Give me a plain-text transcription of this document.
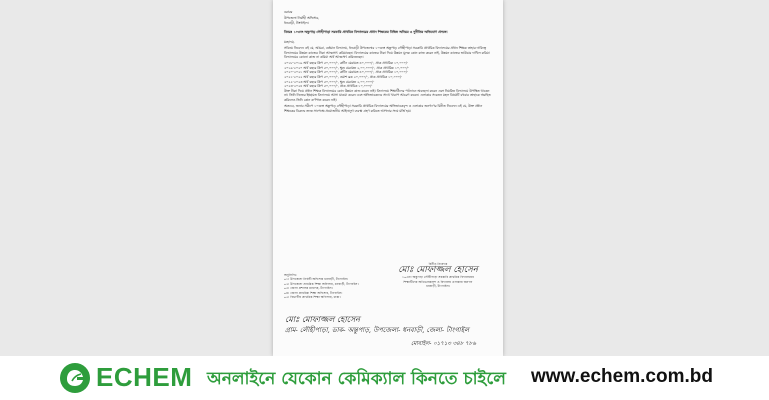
বরাবর

উপজেলা নির্বাহী অফিসার,

ধনবাড়ী, টাংগাইল।

বিষয়ঃ ১০৩নং অন্তুপাড় লৌহীপাড়া সরকারি প্রাথমিক বিদ্যালয়ের প্রধান শিক্ষকের বিভিন্ন অনিয়ম ও দুর্নীতির অভিযোগ প্রসঙ্গে।

মহোদয়,

সবিনয় নিবেদন এই যে, আমরা, বর্তমান বিদ্যালয়, ধনবাড়ী উপজেলার ১০৩নং অন্তুপাড় লৌহীপাড়া সরকারি প্রাথমিক বিদ্যালয়ের প্রধান শিক্ষক তাহার দায়িত্বে বিদ্যালয়ের উন্নয়ন কাজের টাকা আত্মসাৎ করিয়াছেন। বিদ্যালয়ের কাজের টাকা দিয়ে উন্নয়ন মূলক কোন কাজ করেন নাই, উন্নয়ন কাজের ভাউচার দাখিল করিয়া বিদ্যালয়ের কোনো কাজ না করিয়া অর্থ আত্মসাৎ করিতেছেন।

২০১৮-২০১৯ অর্থ বছরে স্লিপ ৫০,০০০/-, রুটিন মেরামত ৪০,০০০/-, প্রাক প্রাথমিক ১০,০০০/-

২০১৯-২০২০ অর্থ বছরে স্লিপ ৫০,০০০/-, ক্ষুদ্র মেরামত ২,০০,০০০/-, প্রাক প্রাথমিক ১০,০০০/-

২০২০-২০২১ অর্থ বছরে স্লিপ ৫০,০০০/-, রুটিন মেরামত ৪০,০০০/-, প্রাক প্রাথমিক ১০,০০০/-

২০২১-২০২২ অর্থ বছরে স্লিপ ৫০,০০০/-, ওয়াশ ব্লক ২০,০০০/-, প্রাক প্রাথমিক ১০,০০০/-

২০২২-২০২৩ অর্থ বছরে স্লিপ ৫০,০০০/-, ক্ষুদ্র মেরামত ২,০০,০০০/-

২০২৩-২০২৪ অর্থ বছরে স্লিপ ৫০,০০০/-, প্রাক প্রাথমিক ১০,০০০/-

উক্ত টাকা দিয়ে প্রধান শিক্ষক বিদ্যালয়ের কোন উন্নয়ন কাজ করেন নাই। বিদ্যালয়ে শিক্ষার্থীদের পাঠদানে অবহেলা করেন এবং নিয়মিত বিদ্যালয়ে উপস্থিত থাকেন না। তিনি নিজের ইচ্ছামত বিদ্যালয়ে আসা যাওয়া করেন এবং অভিভাবকদের সাথে খারাপ আচরণ করেন। এলাকার সচেতন মহল বিষয়টি বহুবার তাহাকে অবহিত করিলেও তিনি কোন কর্ণপাত করেন নাই।

অতএব, জনাব সমীপে ১০৩নং অন্তুপাড় লৌহীপাড়া সরকারি প্রাথমিক বিদ্যালয়ের অভিভাবকবৃন্দ ও এলাকার জনগণের বিনীত নিবেদন এই যে, উক্ত প্রধান শিক্ষকের বিরুদ্ধে তদন্ত সাপেক্ষে প্রয়োজনীয় আইনানুগ ব্যবস্থা গ্রহণ করিতে আপনার সদয় মর্জি হয়।

বিনীত নিবেদক
মোঃ মোফাজ্জল হোসেন
১০৩নং অন্তুপাড় লৌহীপাড়া সরকারি প্রাথমিক বিদ্যালয়ের
শিক্ষার্থীদের অভিভাবকবৃন্দ ও বিদ্যালয় এলাকার জনগণ
ধনবাড়ী, টাংগাইল।
অনুলিপিঃ
০১। উপজেলা নির্বাহী অফিসার ধনবাড়ী, টাংগাইল।
০২। উপজেলা প্রাথমিক শিক্ষা অফিসার, ধনবাড়ী, টাংগাইল।
০৩। জেলা প্রশাসক মহোদয়, টাংগাইল।
০৪। জেলা প্রাথমিক শিক্ষা অফিসার, টাংগাইল।
০৫। বিভাগীয় প্রাথমিক শিক্ষা অফিসার, ঢাকা।
মোঃ মোফাজ্জল হোসেন
গ্রাম- লৌহীপাড়া, ডাক- অন্তুপাড়, উপজেলা- ধনবাড়ী, জেলা- টাংগাইল
মোবাইল- ০১৭১৩ ৩৪৮ ৭৮৬
ECHEM অনলাইনে যেকোন কেমিক্যাল কিনতে চাইলে www.echem.com.bd
